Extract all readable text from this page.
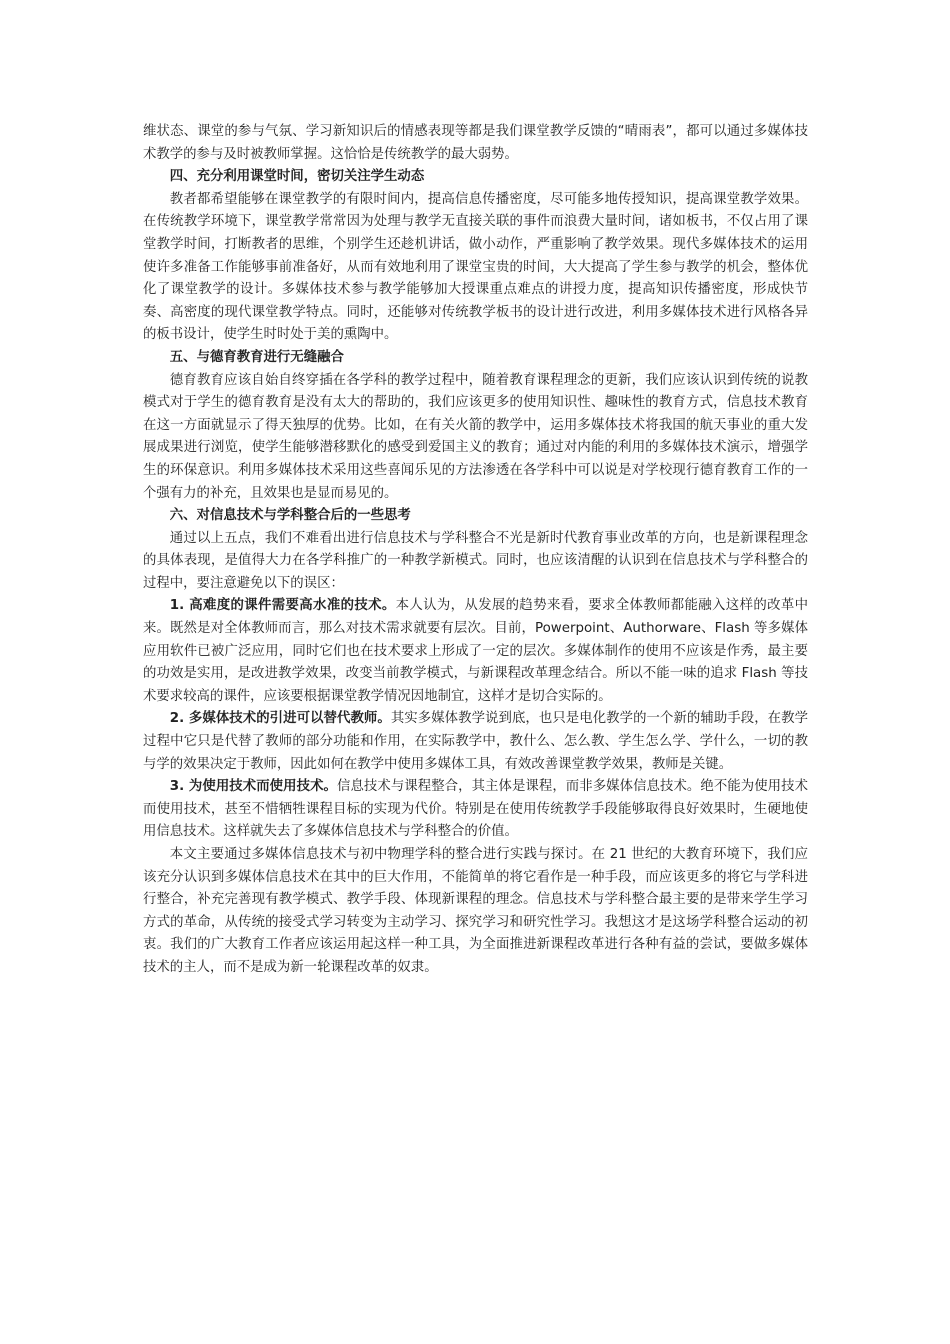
维状态、课堂的参与气氛、学习新知识后的情感表现等都是我们课堂教学反馈的“晴雨表”，都可以通过多媒体技术教学的参与及时被教师掌握。这恰恰是传统教学的最大弱势。

四、充分利用课堂时间，密切关注学生动态

教者都希望能够在课堂教学的有限时间内，提高信息传播密度，尽可能多地传授知识，提高课堂教学效果。在传统教学环境下，课堂教学常常因为处理与教学无直接关联的事件而浪费大量时间，诸如板书，不仅占用了课堂教学时间，打断教者的思维，个别学生还趁机讲话，做小动作，严重影响了教学效果。现代多媒体技术的运用使许多准备工作能够事前准备好，从而有效地利用了课堂宝贵的时间，大大提高了学生参与教学的机会，整体优化了课堂教学的设计。多媒体技术参与教学能够加大授课重点难点的讲授力度，提高知识传播密度，形成快节奏、高密度的现代课堂教学特点。同时，还能够对传统教学板书的设计进行改进，利用多媒体技术进行风格各异的板书设计，使学生时时处于美的熏陶中。

五、与德育教育进行无缝融合

德育教育应该自始自终穿插在各学科的教学过程中，随着教育课程理念的更新，我们应该认识到传统的说教模式对于学生的德育教育是没有太大的帮助的，我们应该更多的使用知识性、趣味性的教育方式，信息技术教育在这一方面就显示了得天独厚的优势。比如，在有关火箭的教学中，运用多媒体技术将我国的航天事业的重大发展成果进行浏览，使学生能够潜移默化的感受到爱国主义的教育；通过对内能的利用的多媒体技术演示，增强学生的环保意识。利用多媒体技术采用这些喜闻乐见的方法渗透在各学科中可以说是对学校现行德育教育工作的一个强有力的补充，且效果也是显而易见的。

六、对信息技术与学科整合后的一些思考

通过以上五点，我们不难看出进行信息技术与学科整合不光是新时代教育事业改革的方向，也是新课程理念的具体表现，是值得大力在各学科推广的一种教学新模式。同时，也应该清醒的认识到在信息技术与学科整合的过程中，要注意避免以下的误区：

1. 高难度的课件需要高水准的技术。本人认为，从发展的趋势来看，要求全体教师都能融入这样的改革中来。既然是对全体教师而言，那么对技术需求就要有层次。目前，Powerpoint、Authorware、Flash 等多媒体应用软件已被广泛应用，同时它们也在技术要求上形成了一定的层次。多媒体制作的使用不应该是作秀，最主要的功效是实用，是改进教学效果，改变当前教学模式，与新课程改革理念结合。所以不能一味的追求 Flash 等技术要求较高的课件，应该要根据课堂教学情况因地制宜，这样才是切合实际的。

2. 多媒体技术的引进可以替代教师。其实多媒体教学说到底，也只是电化教学的一个新的辅助手段，在教学过程中它只是代替了教师的部分功能和作用，在实际教学中，教什么、怎么教、学生怎么学、学什么，一切的教与学的效果决定于教师，因此如何在教学中使用多媒体工具，有效改善课堂教学效果，教师是关键。

3. 为使用技术而使用技术。信息技术与课程整合，其主体是课程，而非多媒体信息技术。绝不能为使用技术而使用技术，甚至不惜牺牲课程目标的实现为代价。特别是在使用传统教学手段能够取得良好效果时，生硬地使用信息技术。这样就失去了多媒体信息技术与学科整合的价值。

本文主要通过多媒体信息技术与初中物理学科的整合进行实践与探讨。在 21 世纪的大教育环境下，我们应该充分认识到多媒体信息技术在其中的巨大作用，不能简单的将它看作是一种手段，而应该更多的将它与学科进行整合，补充完善现有教学模式、教学手段、体现新课程的理念。信息技术与学科整合最主要的是带来学生学习方式的革命，从传统的接受式学习转变为主动学习、探究学习和研究性学习。我想这才是这场学科整合运动的初衷。我们的广大教育工作者应该运用起这样一种工具，为全面推进新课程改革进行各种有益的尝试，要做多媒体技术的主人，而不是成为新一轮课程改革的奴隶。
